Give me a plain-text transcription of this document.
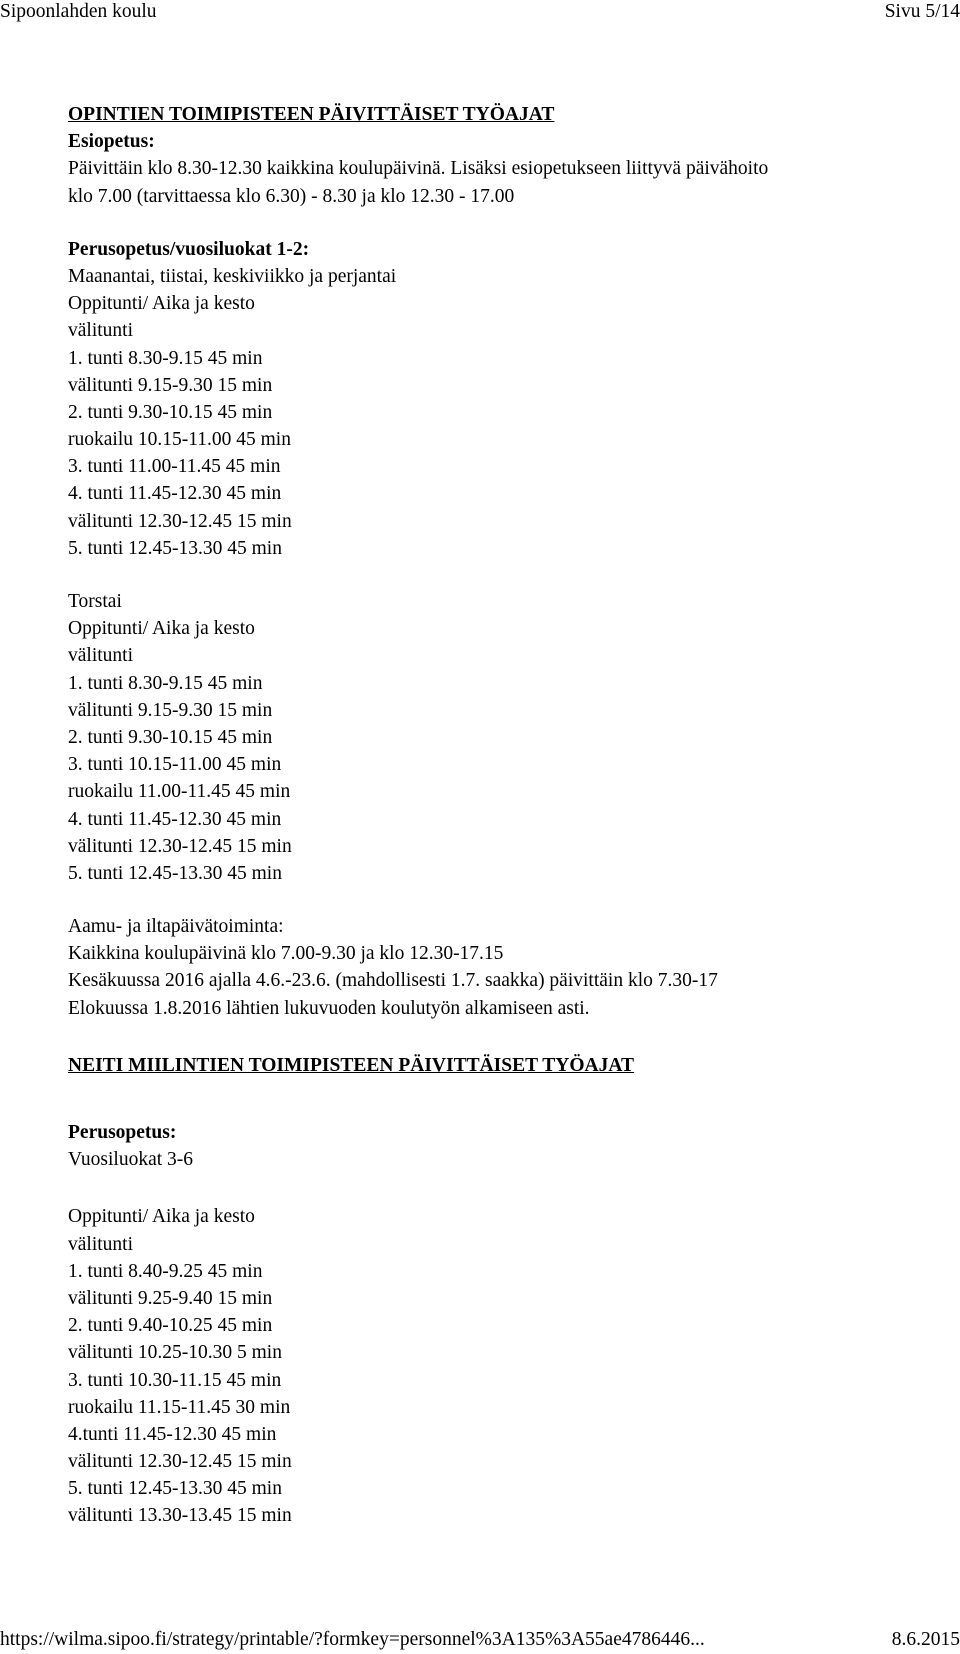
Sipoonlahden koulu	Sivu 5/14
OPINTIEN TOIMIPISTEEN PÄIVITTÄISET TYÖAJAT
Esiopetus:
Päivittäin klo 8.30-12.30 kaikkina koulupäivinä. Lisäksi esiopetukseen liittyvä päivähoito
klo 7.00 (tarvittaessa klo 6.30) - 8.30 ja klo 12.30 - 17.00
Perusopetus/vuosiluokat 1-2:
Maanantai, tiistai, keskiviikko ja perjantai
Oppitunti/ Aika ja kesto
välitunti
1. tunti 8.30-9.15 45 min
välitunti 9.15-9.30 15 min
2. tunti 9.30-10.15 45 min
ruokailu 10.15-11.00 45 min
3. tunti 11.00-11.45 45 min
4. tunti 11.45-12.30 45 min
välitunti 12.30-12.45 15 min
5. tunti 12.45-13.30 45 min
Torstai
Oppitunti/ Aika ja kesto
välitunti
1. tunti 8.30-9.15 45 min
välitunti 9.15-9.30 15 min
2. tunti 9.30-10.15 45 min
3. tunti 10.15-11.00 45 min
ruokailu 11.00-11.45 45 min
4. tunti 11.45-12.30 45 min
välitunti 12.30-12.45 15 min
5. tunti 12.45-13.30 45 min
Aamu- ja iltapäivätoiminta:
Kaikkina koulupäivinä klo 7.00-9.30 ja klo 12.30-17.15
Kesäkuussa 2016 ajalla 4.6.-23.6. (mahdollisesti 1.7. saakka) päivittäin klo 7.30-17
Elokuussa 1.8.2016 lähtien lukuvuoden koulutyön alkamiseen asti.
NEITI MIILINTIEN TOIMIPISTEEN PÄIVITTÄISET TYÖAJAT
Perusopetus:
Vuosiluokat 3-6
Oppitunti/ Aika ja kesto
välitunti
1. tunti 8.40-9.25 45 min
välitunti 9.25-9.40 15 min
2. tunti 9.40-10.25 45 min
välitunti 10.25-10.30 5 min
3. tunti 10.30-11.15 45 min
ruokailu 11.15-11.45 30 min
4.tunti 11.45-12.30 45 min
välitunti 12.30-12.45 15 min
5. tunti 12.45-13.30 45 min
välitunti 13.30-13.45 15 min
https://wilma.sipoo.fi/strategy/printable/?formkey=personnel%3A135%3A55ae4786446...	8.6.2015
